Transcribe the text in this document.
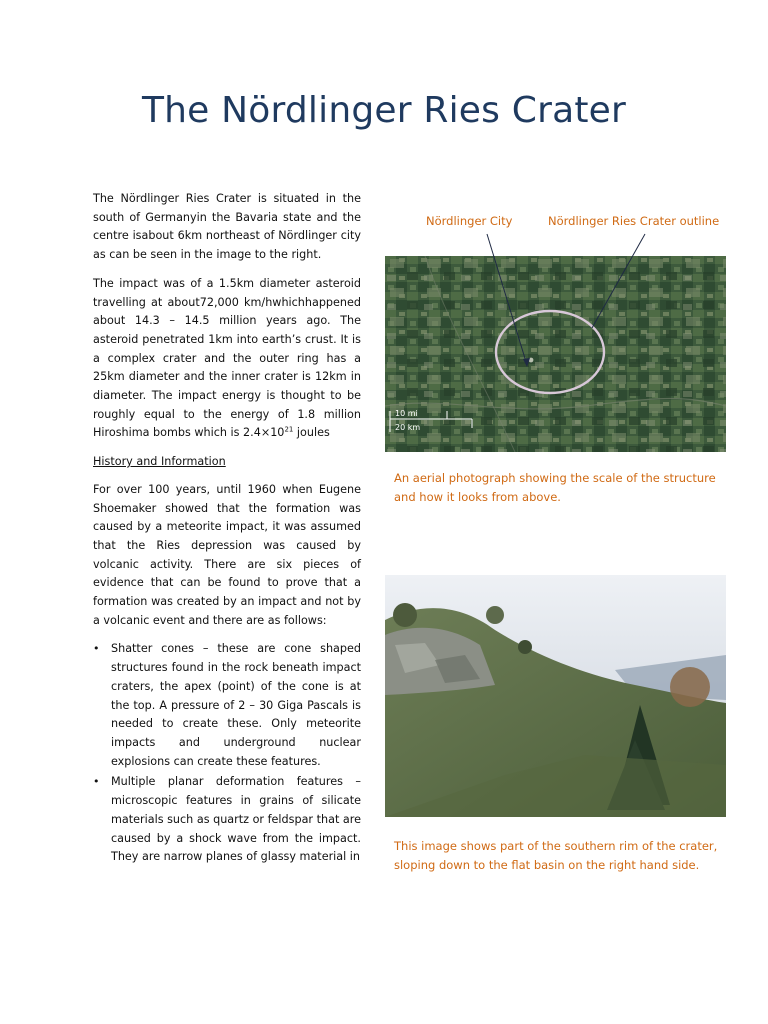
The Nördlinger Ries Crater

The Nördlinger Ries Crater is situated in the south of Germanyin the Bavaria state and the centre isabout 6km northeast of Nördlinger city as can be seen in the image to the right.

The impact was of a 1.5km diameter asteroid travelling at about72,000 km/hwhichhappened about 14.3 – 14.5 million years ago. The asteroid penetrated 1km into earth’s crust. It is a complex crater and the outer ring has a 25km diameter and the inner crater is 12km in diameter. The impact energy is thought to be roughly equal to the energy of 1.8 million Hiroshima bombs which is $2.4\times 10^{21}$ joules

History and Information

For over 100 years, until 1960 when Eugene Shoemaker showed that the formation was caused by a meteorite impact, it was assumed that the Ries depression was caused by volcanic activity. There are six pieces of evidence that can be found to prove that a formation was created by an impact and not by a volcanic event and there are as follows:

• Shatter cones – these are cone shaped structures found in the rock beneath impact craters, the apex (point) of the cone is at the top. A pressure of 2 – 30 Giga Pascals is needed to create these. Only meteorite impacts and underground nuclear explosions can create these features.
• Multiple planar deformation features – microscopic features in grains of silicate materials such as quartz or feldspar that are caused by a shock wave from the impact. They are narrow planes of glassy material in
Nördlinger City	Nördlinger Ries Crater outline
10 mi
20 km
An aerial photograph showing the scale of the structure and how it looks from above.
This image shows part of the southern rim of the crater, sloping down to the flat basin on the right hand side.
